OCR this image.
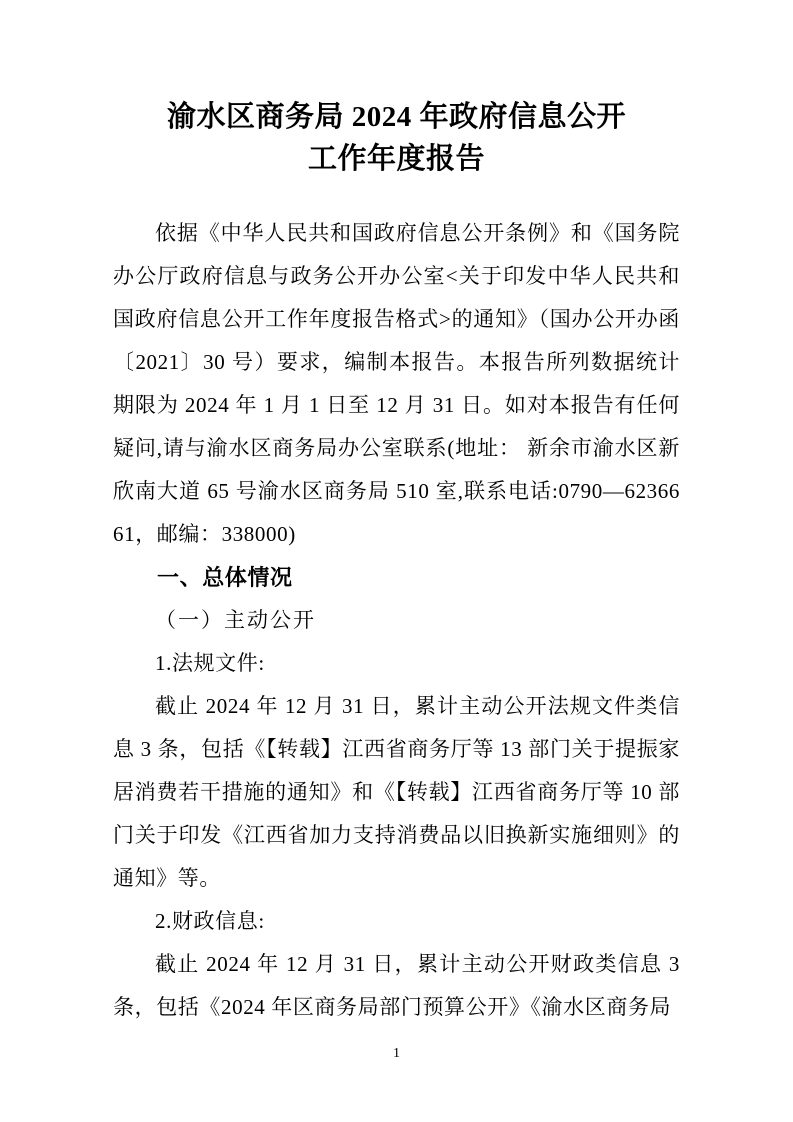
渝水区商务局 2024 年政府信息公开
工作年度报告

依据《中华人民共和国政府信息公开条例》和《国务院办公厅政府信息与政务公开办公室<关于印发中华人民共和国政府信息公开工作年度报告格式>的通知》（国办公开办函〔2021〕30 号）要求，编制本报告。本报告所列数据统计期限为 2024 年 1 月 1 日至 12 月 31 日。如对本报告有任何疑问,请与渝水区商务局办公室联系(地址： 新余市渝水区新欣南大道 65 号渝水区商务局 510 室,联系电话:0790—6236661，邮编：338000)

一、总体情况
（一）主动公开

1.法规文件:

截止 2024 年 12 月 31 日，累计主动公开法规文件类信息 3 条，包括《【转载】江西省商务厅等 13 部门关于提振家居消费若干措施的通知》和《【转载】江西省商务厅等 10 部门关于印发《江西省加力支持消费品以旧换新实施细则》的通知》等。

2.财政信息:

截止 2024 年 12 月 31 日，累计主动公开财政类信息 3 条，包括《2024 年区商务局部门预算公开》《渝水区商务局

1
